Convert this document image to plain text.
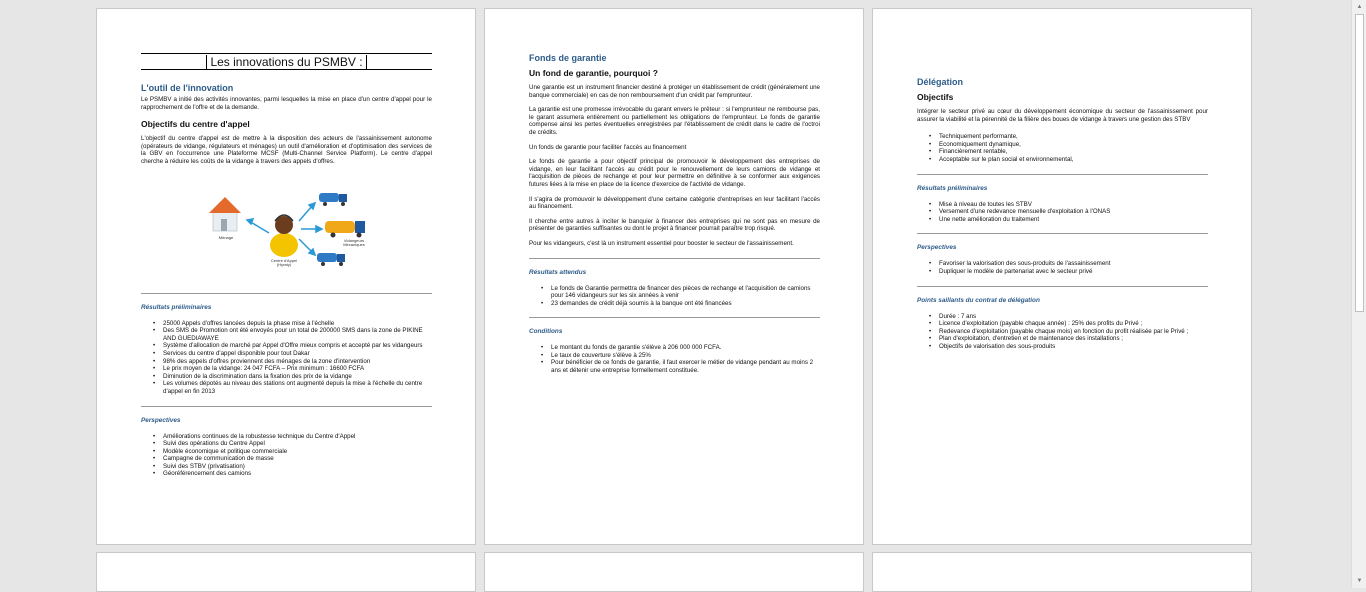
Les innovations du PSMBV :
L'outil de l'innovation
Le PSMBV a initié des activités innovantes, parmi lesquelles la mise en place d'un centre d'appel pour le rapprochement de l'offre et de la demande.
Objectifs du centre d'appel
L'objectif du centre d'appel est de mettre à la disposition des acteurs de l'assainissement autonome (opérateurs de vidange, régulateurs et ménages) un outil d'amélioration et d'optimisation des services de la GBV en l'occurrence une Plateforme MCSF (Multi-Channel Service Platform). Le centre d'appel cherche à réduire les coûts de la vidange à travers des appels d'offres.
Ménage
Centre d'Appel (Hyraty)
Vidangeurs Mécaniques
Résultats préliminaires
• 25000 Appels d'offres lancées depuis la phase mise à l'échelle
• Des SMS de Promotion ont été envoyés pour un total de 200000 SMS dans la zone de PIKINE AND GUEDIAWAYE
• Système d'allocation de marché par Appel d'Offre mieux compris et accepté par les vidangeurs
• Services du centre d'appel disponible pour tout Dakar
• 98% des appels d'offres proviennent des ménages de la zone d'intervention
• Le prix moyen de la vidange: 24 047 FCFA – Prix minimum : 16600 FCFA
• Diminution de la discrimination dans la fixation des prix de la vidange
• Les volumes dépotés au niveau des stations ont augmenté depuis la mise à l'échelle du centre d'appel en fin 2013
Perspectives
• Améliorations continues de la robustesse technique du Centre d'Appel
• Suivi des opérations du Centre Appel
• Modèle économique et politique commerciale
• Campagne de communication de masse
• Suivi des STBV (privatisation)
• Géoréférencement des camions
Fonds de garantie
Un fond de garantie, pourquoi ?
Une garantie est un instrument financier destiné à protéger un établissement de crédit (généralement une banque commerciale) en cas de non remboursement d'un crédit par l'emprunteur.
La garantie est une promesse irrévocable du garant envers le prêteur : si l'emprunteur ne rembourse pas, le garant assumera entièrement ou partiellement les obligations de l'emprunteur. Le fonds de garantie compense ainsi les pertes éventuelles enregistrées par l'établissement de crédit dans le cadre de l'octroi de crédits.
Un fonds de garantie pour faciliter l'accès au financement
Le fonds de garantie a pour objectif principal de promouvoir le développement des entreprises de vidange, en leur facilitant l'accès au crédit pour le renouvellement de leurs camions de vidange et l'acquisition de pièces de rechange et pour leur permettre en définitive à se conformer aux exigences futures liées à la mise en place de la licence d'exercice de l'activité de vidange.
Il s'agira de promouvoir le développement d'une certaine catégorie d'entreprises en leur facilitant l'accès au financement.
Il cherche entre autres à inciter le banquier à financer des entreprises qui ne sont pas en mesure de présenter de garanties suffisantes ou dont le projet à financer pourrait paraître trop risqué.
Pour les vidangeurs, c'est là un instrument essentiel pour booster le secteur de l'assainissement.
Résultats attendus
• Le fonds de Garantie permettra de financer des pièces de rechange et l'acquisition de camions pour 146 vidangeurs sur les six années à venir
• 23 demandes de crédit déjà soumis à la banque ont été financées
Conditions
• Le montant du fonds de garantie s'élève à 206 000 000 FCFA.
• Le taux de couverture s'élève à 25%
• Pour bénéficier de ce fonds de garantie, il faut exercer le métier de vidange pendant au moins 2 ans et détenir une entreprise formellement constituée.
Délégation
Objectifs
Intégrer le secteur privé au cœur du développement économique du secteur de l'assainissement pour assurer la viabilité et la pérennité de la filière des boues de vidange à travers une gestion des STBV
• Techniquement performante,
• Economiquement dynamique,
• Financièrement rentable,
• Acceptable sur le plan social et environnemental,
Résultats préliminaires
• Mise à niveau de toutes les STBV
• Versement d'une redevance mensuelle d'exploitation à l'ONAS
• Une nette amélioration du traitement
Perspectives
• Favoriser la valorisation des sous-produits de l'assainissement
• Dupliquer le modèle de partenariat avec le secteur privé
Points saillants du contrat de délégation
• Durée : 7 ans
• Licence d'exploitation (payable chaque année) : 25% des profits du Privé ;
• Redevance d'exploitation (payable chaque mois) en fonction du profit réalisée par le Privé ;
• Plan d'exploitation, d'entretien et de maintenance des installations ;
• Objectifs de valorisation des sous-produits
▲
▼
